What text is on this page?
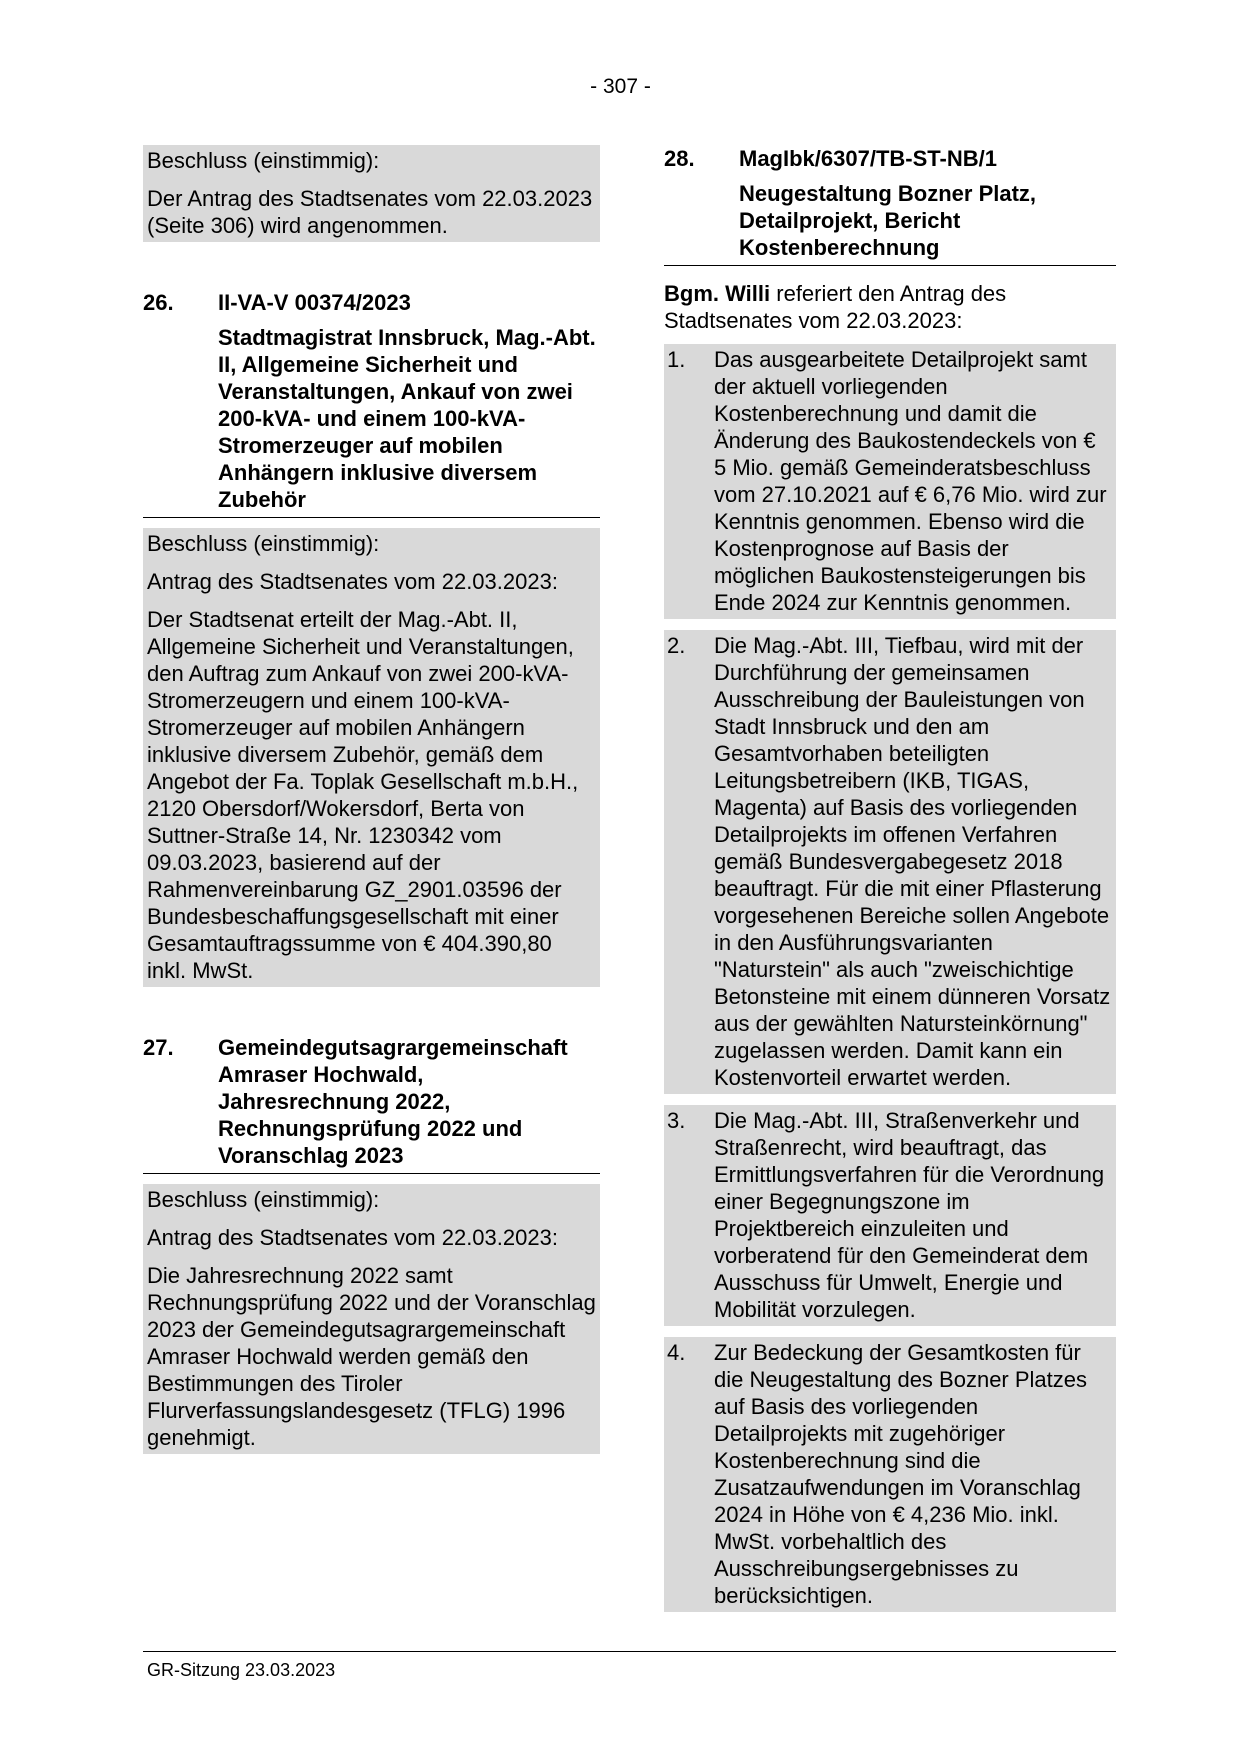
- 307 -

Beschluss (einstimmig):

Der Antrag des Stadtsenates vom 22.03.2023 (Seite 306) wird angenommen.

26.	II-VA-V 00374/2023
Stadtmagistrat Innsbruck, Mag.-Abt. II, Allgemeine Sicherheit und Veranstaltungen, Ankauf von zwei 200-kVA- und einem 100-kVA-Stromerzeuger auf mobilen Anhängern inklusive diversem Zubehör

Beschluss (einstimmig):

Antrag des Stadtsenates vom 22.03.2023:

Der Stadtsenat erteilt der Mag.-Abt. II, Allgemeine Sicherheit und Veranstaltungen, den Auftrag zum Ankauf von zwei 200-kVA-Stromerzeugern und einem 100-kVA-Stromerzeuger auf mobilen Anhängern inklusive diversem Zubehör, gemäß dem Angebot der Fa. Toplak Gesellschaft m.b.H., 2120 Obersdorf/Wokersdorf, Berta von Suttner-Straße 14, Nr. 1230342 vom 09.03.2023, basierend auf der Rahmenvereinbarung GZ_2901.03596 der Bundesbeschaffungsgesellschaft mit einer Gesamtauftragssumme von € 404.390,80 inkl. MwSt.

27.	Gemeindegutsagrargemeinschaft Amraser Hochwald, Jahresrechnung 2022, Rechnungsprüfung 2022 und Voranschlag 2023

Beschluss (einstimmig):

Antrag des Stadtsenates vom 22.03.2023:

Die Jahresrechnung 2022 samt Rechnungsprüfung 2022 und der Voranschlag 2023 der Gemeindegutsagrargemeinschaft Amraser Hochwald werden gemäß den Bestimmungen des Tiroler Flurverfassungslandesgesetz (TFLG) 1996 genehmigt.

28.	MagIbk/6307/TB-ST-NB/1
Neugestaltung Bozner Platz, Detailprojekt, Bericht Kostenberechnung

Bgm. Willi referiert den Antrag des Stadtsenates vom 22.03.2023:

1.	Das ausgearbeitete Detailprojekt samt der aktuell vorliegenden Kostenberechnung und damit die Änderung des Baukostendeckels von € 5 Mio. gemäß Gemeinderatsbeschluss vom 27.10.2021 auf € 6,76 Mio. wird zur Kenntnis genommen. Ebenso wird die Kostenprognose auf Basis der möglichen Baukostensteigerungen bis Ende 2024 zur Kenntnis genommen.
2.	Die Mag.-Abt. III, Tiefbau, wird mit der Durchführung der gemeinsamen Ausschreibung der Bauleistungen von Stadt Innsbruck und den am Gesamtvorhaben beteiligten Leitungsbetreibern (IKB, TIGAS, Magenta) auf Basis des vorliegenden Detailprojekts im offenen Verfahren gemäß Bundesvergabegesetz 2018 beauftragt. Für die mit einer Pflasterung vorgesehenen Bereiche sollen Angebote in den Ausführungsvarianten "Naturstein" als auch "zweischichtige Betonsteine mit einem dünneren Vorsatz aus der gewählten Natursteinkörnung" zugelassen werden. Damit kann ein Kostenvorteil erwartet werden.
3.	Die Mag.-Abt. III, Straßenverkehr und Straßenrecht, wird beauftragt, das Ermittlungsverfahren für die Verordnung einer Begegnungszone im Projektbereich einzuleiten und vorberatend für den Gemeinderat dem Ausschuss für Umwelt, Energie und Mobilität vorzulegen.
4.	Zur Bedeckung der Gesamtkosten für die Neugestaltung des Bozner Platzes auf Basis des vorliegenden Detailprojekts mit zugehöriger Kostenberechnung sind die Zusatzaufwendungen im Voranschlag 2024 in Höhe von € 4,236 Mio. inkl. MwSt. vorbehaltlich des Ausschreibungsergebnisses zu berücksichtigen.
GR-Sitzung 23.03.2023
